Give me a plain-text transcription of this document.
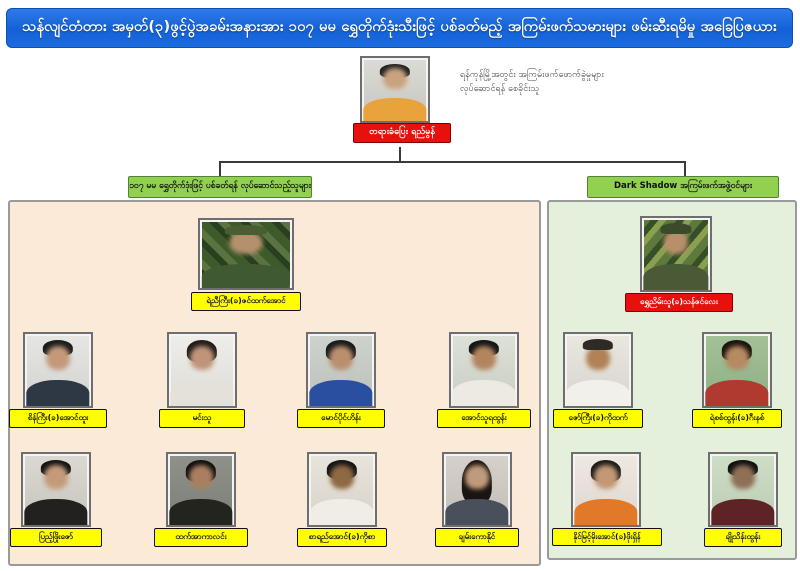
သန်လျင်တံတား အမှတ်(၃)ဖွင့်ပွဲအခမ်းအနားအား ၁၀၇ မမ ရွှေတိုက်ဒုံးသီးဖြင့် ပစ်ခတ်မည့် အကြမ်းဖက်သမားများ ဖမ်းဆီးရမိမှု အခြေပြဇယား
တရားခံပြေး ရည်မွန်
ရန်ကုန်မြို့အတွင်း အကြမ်းဖက်ဖောက်ခွဲမှုများ
လုပ်ဆောင်ရန် စေခိုင်းသူ
၁၀၇ မမ ရွှေတိုက်ဒုံးဖြင့် ပစ်ခတ်ရန် လုပ်ဆောင်သည့်သူများ	Dark Shadow အကြမ်းဖက်အဖွဲ့ဝင်များ
ရဲညီကြီး(ခ)ဇင်ထက်အောင်
စိန်ကြီး(ခ)အောင်ထူး	မင်းသူ	မောင်ပိုင်ဟိန်း	အောင်သူရထွန်း
ပြည့်ဖြိုးဇော်	ထက်အာကာလင်း	စာရည်အောင်(ခ)ကိုစာ	ချမ်းကောနိုင်
ရွှေညိမ်းသူ(ခ)သန်ဇင်လေး
ဇော်ကြီး(ခ)ကိုထက်	ရဲစစ်ထွန်း(ခ)ဂီးနစ်
နိုင်မြင့်မိုးအောင်(ခ)ဖိုးရှိန်	ချိုသိန်းထွန်း
